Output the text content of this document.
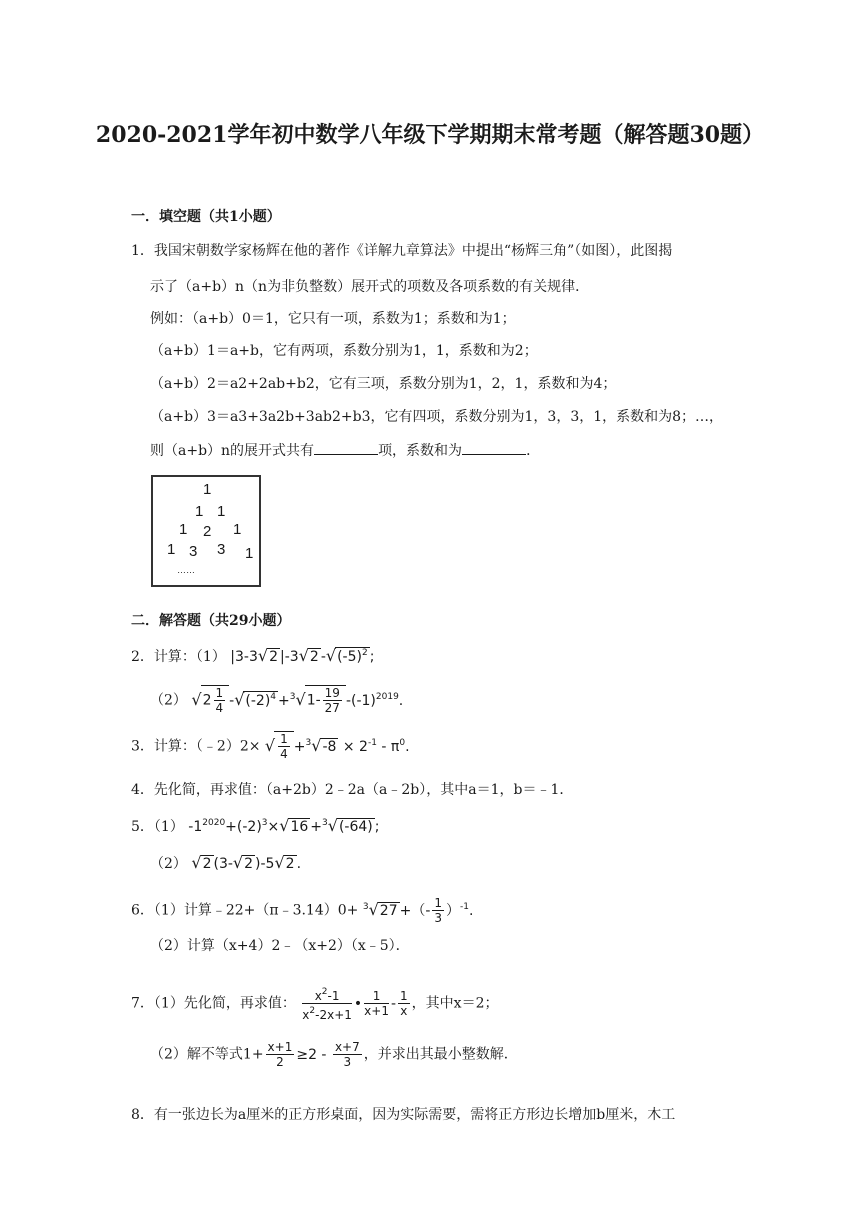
2020-2021学年初中数学八年级下学期期末常考题（解答题30题）
一．填空题（共1小题）
1．我国宋朝数学家杨辉在他的著作《详解九章算法》中提出“杨辉三角”（如图），此图揭
示了（a+b）n（n为非负整数）展开式的项数及各项系数的有关规律．
例如：（a+b）0＝1，它只有一项，系数为1；系数和为1；
（a+b）1＝a+b，它有两项，系数分别为1，1，系数和为2；
（a+b）2＝a2+2ab+b2，它有三项，系数分别为1，2，1，系数和为4；
（a+b）3＝a3+3a2b+3ab2+b3，它有四项，系数分别为1，3，3，1，系数和为8；…，
则（a+b）n的展开式共有	项，系数和为	．
1
1 1
1 2 1
1 3 3 1
……
二．解答题（共29小题）
2．计算：（1） |3-3√2 |-3√2 $-√(-5)^2$ ;
（2） $√2 \frac{1}{4} -√(-2)^4 +^3√1- \frac{19}{27} -(-1)^{2019}$.
3．计算：（﹣2）2× √ $\frac{1}{4} +^3√-8 \times 2^{-1} - \pi^0$.
4．先化简，再求值：（a+2b）2﹣2a（a﹣2b），其中a＝1，b＝﹣1．
5．（1） $-1^{2020}+(-2)^3\times√16 +^3√(-64)$ ;
（2） √2 (3-√2 )-5√2 .
6．（1）计算﹣22+（π﹣3.14）0+ $^3$√27 +（- $\frac{1}{3} )^{-1}$.
（2）计算（x+4）2﹣（x+2）（x﹣5）．
7．（1）先化简，再求值： $\frac{x^2-1}{x^2-2x+1}$ • $\frac{1}{x+1} - \frac{1}{x}$ ，其中x＝2；
（2）解不等式$1+ \frac{x+1}{2} \ge 2 - \frac{x+7}{3}$ ，并求出其最小整数解．
8．有一张边长为a厘米的正方形桌面，因为实际需要，需将正方形边长增加b厘米，木工
